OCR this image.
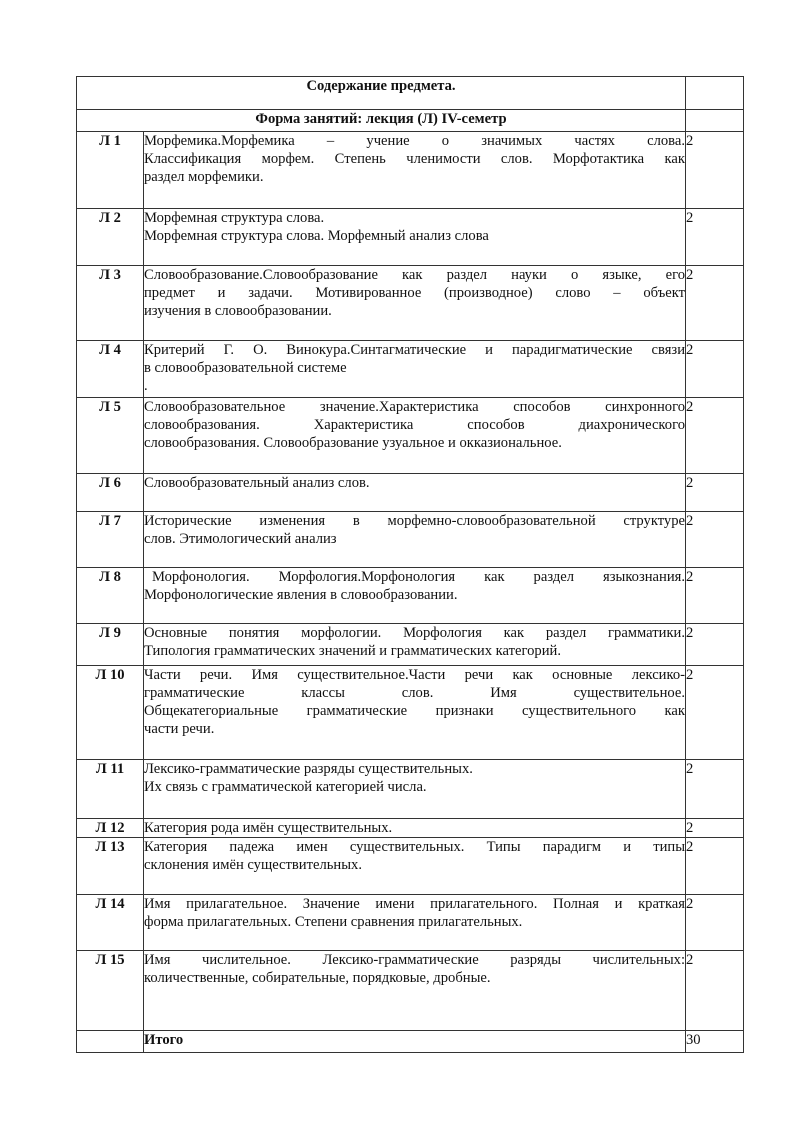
Содержание предмета.		
Форма занятий: лекция (Л) IV-семетр		
Л 1	Морфемика.Морфемика – учение о значимых частях слова.
Классификация морфем. Степень членимости слов. Морфотактика как
раздел морфемики.	2
Л 2	Морфемная структура слова.
Морфемная структура слова. Морфемный анализ слова	2
Л 3	Словообразование.Словообразование как раздел науки о языке, его
предмет и задачи. Мотивированное (производное) слово – объект
изучения в словообразовании.	2
Л 4	Критерий Г. О. Винокура.Синтагматические и парадигматические связи
в словообразовательной системе
.	2
Л 5	Словообразовательное значение.Характеристика способов синхронного
словообразования. Характеристика способов диахронического
словообразования. Словообразование узуальное и окказиональное.	2
Л 6	Словообразовательный анализ слов.	2
Л 7	Исторические изменения в морфемно-словообразовательной структуре
слов. Этимологический анализ	2
Л 8	Морфонология. Морфология.Морфонология как раздел языкознания.
Морфонологические явления в словообразовании.	2
Л 9	Основные понятия морфологии. Морфология как раздел грамматики.
Типология грамматических значений и грамматических категорий.	2
Л 10	Части речи. Имя существительное.Части речи как основные лексико-
грамматические классы слов. Имя существительное.
Общекатегориальные грамматические признаки существительного как
части речи.	2
Л 11	Лексико-грамматические разряды существительных.
Их связь с грамматической категорией числа.	2
Л 12	Категория рода имён существительных.	2
Л 13	Категория падежа имен существительных. Типы парадигм и типы
склонения имён существительных.	2
Л 14	Имя прилагательное. Значение имени прилагательного. Полная и краткая
форма прилагательных. Степени сравнения прилагательных.	2
Л 15	Имя числительное. Лексико-грамматические разряды числительных:
количественные, собирательные, порядковые, дробные.	2
	Итого	30
